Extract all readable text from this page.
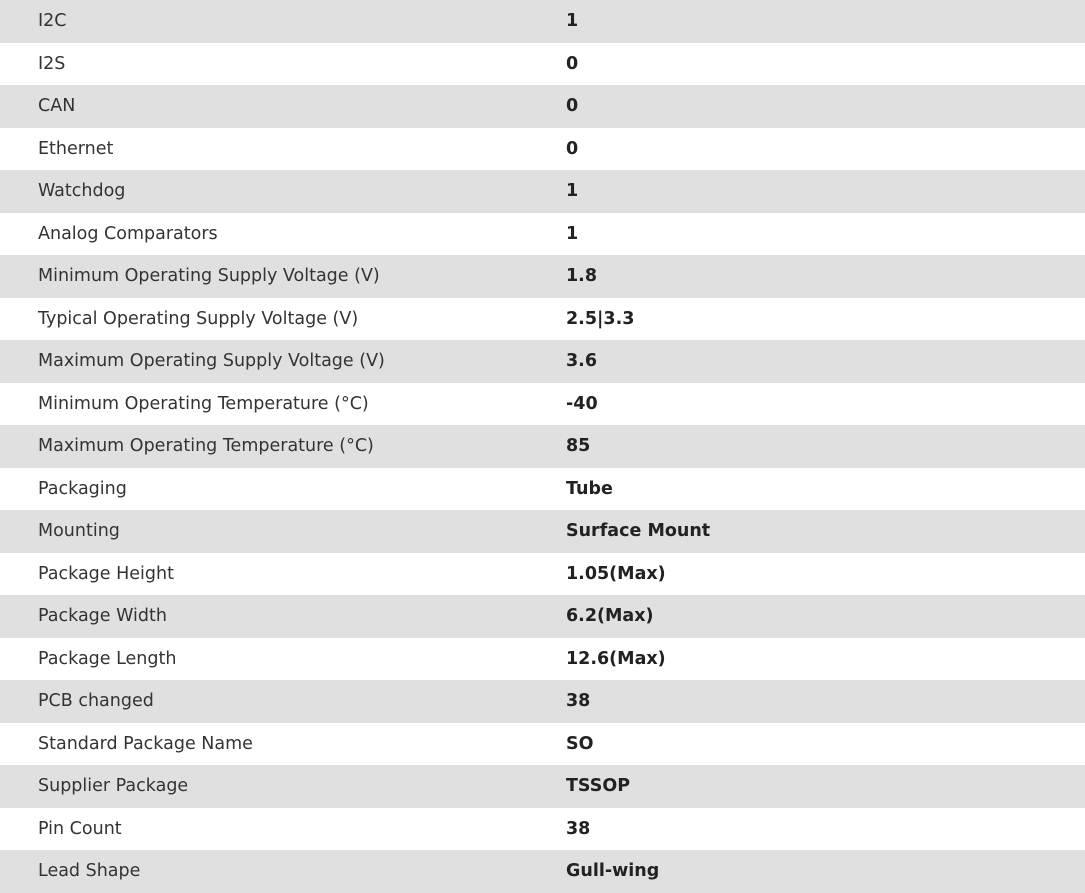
I2C	1
I2S	0
CAN	0
Ethernet	0
Watchdog	1
Analog Comparators	1
Minimum Operating Supply Voltage (V)	1.8
Typical Operating Supply Voltage (V)	2.5|3.3
Maximum Operating Supply Voltage (V)	3.6
Minimum Operating Temperature (°C)	-40
Maximum Operating Temperature (°C)	85
Packaging	Tube
Mounting	Surface Mount
Package Height	1.05(Max)
Package Width	6.2(Max)
Package Length	12.6(Max)
PCB changed	38
Standard Package Name	SO
Supplier Package	TSSOP
Pin Count	38
Lead Shape	Gull-wing
